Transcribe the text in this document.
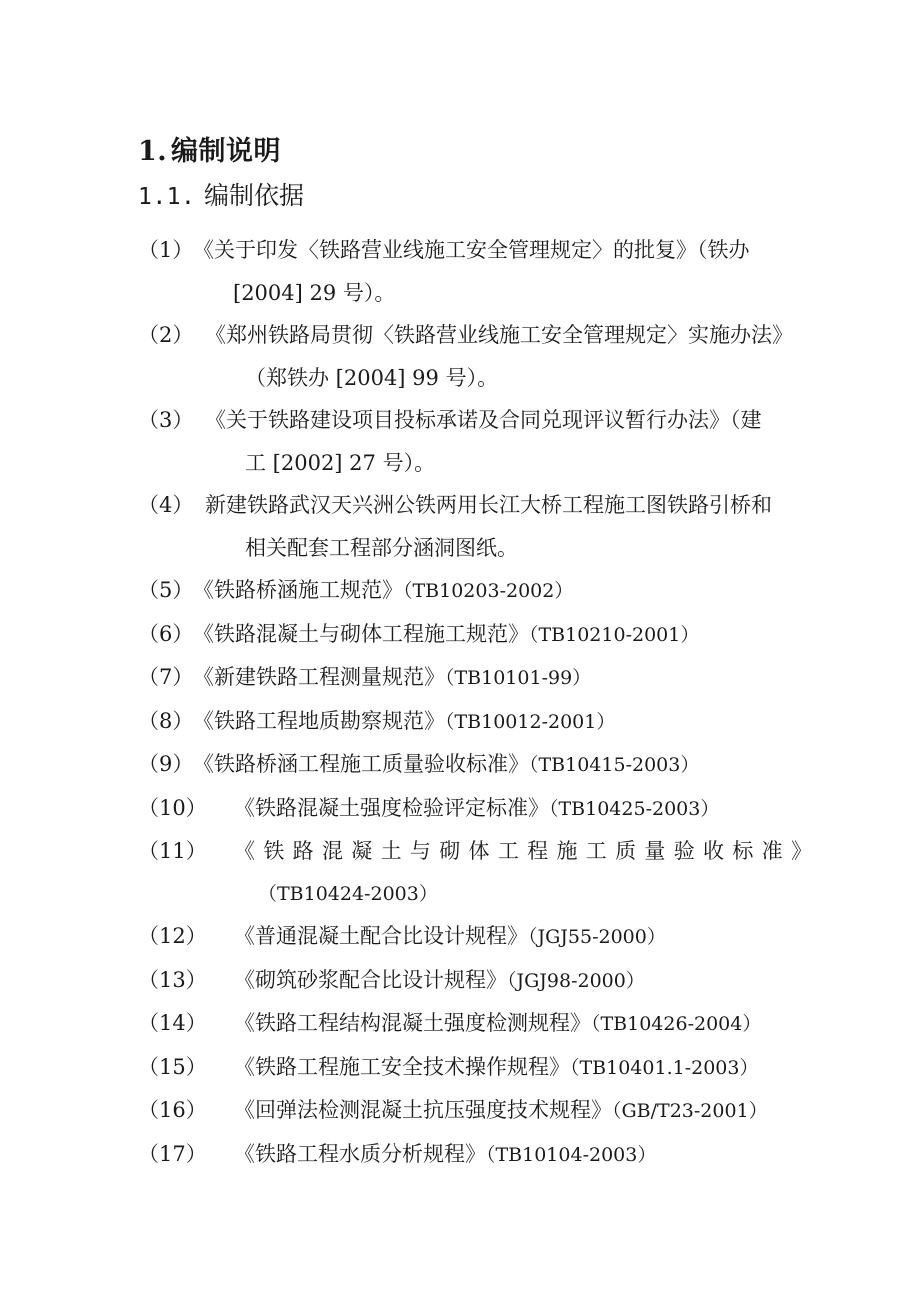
1. 编制说明
1.1. 编制依据
（1） 《关于印发〈铁路营业线施工安全管理规定〉的批复》（铁办
[2004] 29 号）。
（2） 《郑州铁路局贯彻〈铁路营业线施工安全管理规定〉实施办法》
（郑铁办 [2004] 99 号）。
（3） 《关于铁路建设项目投标承诺及合同兑现评议暂行办法》（建
工 [2002] 27 号）。
（4） 新建铁路武汉天兴洲公铁两用长江大桥工程施工图铁路引桥和
相关配套工程部分涵洞图纸。
（5） 《铁路桥涵施工规范》（TB10203-2002）
（6） 《铁路混凝土与砌体工程施工规范》（TB10210-2001）
（7） 《新建铁路工程测量规范》（TB10101-99）
（8） 《铁路工程地质勘察规范》（TB10012-2001）
（9） 《铁路桥涵工程施工质量验收标准》（TB10415-2003）
（10）	《铁路混凝土强度检验评定标准》（TB10425-2003）
（11） 《铁路混凝土与砌体工程施工质量验收标准》
（TB10424-2003）
（12）	《普通混凝土配合比设计规程》（JGJ55-2000）
（13）	《砌筑砂浆配合比设计规程》（JGJ98-2000）
（14）	《铁路工程结构混凝土强度检测规程》（TB10426-2004）
（15）	《铁路工程施工安全技术操作规程》（TB10401.1-2003）
（16）	《回弹法检测混凝土抗压强度技术规程》（GB/T23-2001）
（17）	《铁路工程水质分析规程》（TB10104-2003）
